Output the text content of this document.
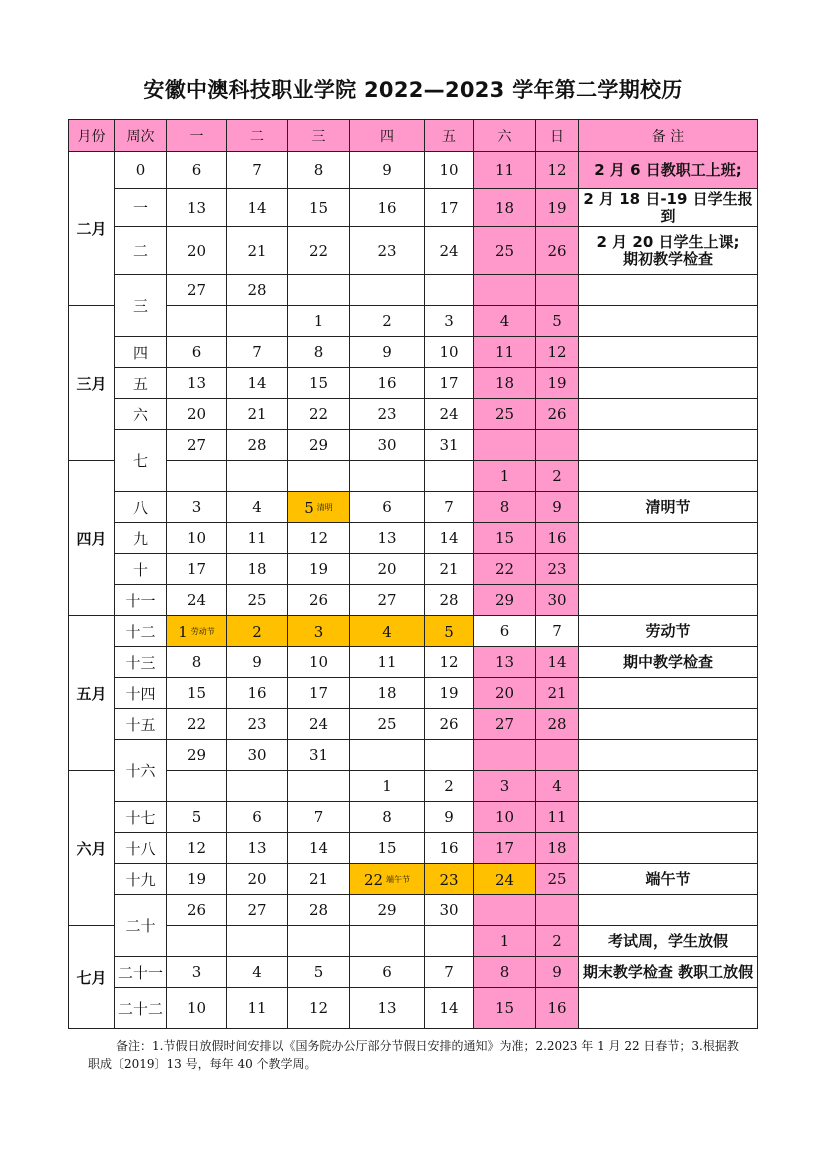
安徽中澳科技职业学院 2022—2023 学年第二学期校历
月份	周次	一	二	三	四	五	六	日	备 注
二月	0	6	7	8	9	10	11	12	2 月 6 日教职工上班;
	一	13	14	15	16	17	18	19	2 月 18 日-19 日学生报到
	二	20	21	22	23	24	25	26	2 月 20 日学生上课;
期初教学检查
	三	27	28						
三月				1	2	3	4	5	
	四	6	7	8	9	10	11	12	
	五	13	14	15	16	17	18	19	
	六	20	21	22	23	24	25	26	
	七	27	28	29	30	31			
四月							1	2	
	八	3	4	5 清明	6	7	8	9	清明节
	九	10	11	12	13	14	15	16	
	十	17	18	19	20	21	22	23	
	十一	24	25	26	27	28	29	30	
五月	十二	1 劳动节	2	3	4	5	6	7	劳动节
	十三	8	9	10	11	12	13	14	期中教学检查
	十四	15	16	17	18	19	20	21	
	十五	22	23	24	25	26	27	28	
	十六	29	30	31					
六月					1	2	3	4	
	十七	5	6	7	8	9	10	11	
	十八	12	13	14	15	16	17	18	
	十九	19	20	21	22 端午节	23	24	25	端午节
	二十	26	27	28	29	30			
七月							1	2	考试周，学生放假
	二十一	3	4	5	6	7	8	9	期末教学检查 教职工放假
	二十二	10	11	12	13	14	15	16	
备注：1.节假日放假时间安排以《国务院办公厅部分节假日安排的通知》为准；2.2023 年 1 月 22 日春节；3.根据教职成〔2019〕13 号，每年 40 个教学周。
